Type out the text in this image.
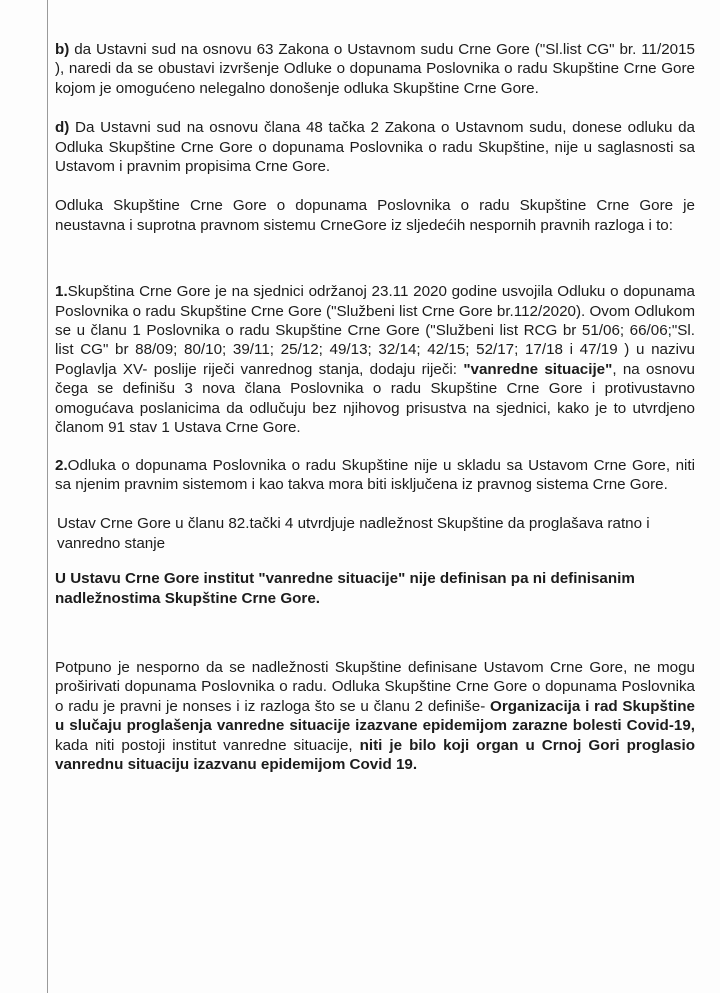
b) da Ustavni sud na osnovu 63 Zakona o Ustavnom sudu Crne Gore ("Sl.list CG" br. 11/2015 ), naredi da se obustavi izvršenje Odluke o dopunama Poslovnika o radu Skupštine Crne Gore kojom je omogućeno nelegalno donošenje odluka Skupštine Crne Gore.

d) Da Ustavni sud na osnovu člana 48 tačka 2 Zakona o Ustavnom sudu, donese odluku da Odluka Skupštine Crne Gore o dopunama Poslovnika o radu Skupštine, nije u saglasnosti sa Ustavom i pravnim propisima Crne Gore.

Odluka Skupštine Crne Gore o dopunama Poslovnika o radu Skupštine Crne Gore je neustavna i suprotna pravnom sistemu CrneGore iz sljedećih nespornih pravnih razloga i to:

1.Skupština Crne Gore je na sjednici održanoj 23.11 2020 godine usvojila Odluku o dopunama Poslovnika o radu Skupštine Crne Gore ("Službeni list Crne Gore br.112/2020). Ovom Odlukom se u članu 1 Poslovnika o radu Skupštine Crne Gore ("Službeni list RCG br 51/06; 66/06;"Sl. list CG" br 88/09; 80/10; 39/11; 25/12; 49/13; 32/14; 42/15; 52/17; 17/18 i 47/19 ) u nazivu Poglavlja XV- poslije riječi vanrednog stanja, dodaju riječi: "vanredne situacije", na osnovu čega se definišu 3 nova člana Poslovnika o radu Skupštine Crne Gore i protivustavno omogućava poslanicima da odlučuju bez njihovog prisustva na sjednici, kako je to utvrdjeno članom 91 stav 1 Ustava Crne Gore.

2.Odluka o dopunama Poslovnika o radu Skupštine nije u skladu sa Ustavom Crne Gore, niti sa njenim pravnim sistemom i kao takva mora biti isključena iz pravnog sistema Crne Gore.

Ustav Crne Gore u članu 82.tački 4 utvrdjuje nadležnost Skupštine da proglašava ratno i vanredno stanje

U Ustavu Crne Gore institut "vanredne situacije" nije definisan pa ni definisanim nadležnostima Skupštine Crne Gore.

Potpuno je nesporno da se nadležnosti Skupštine definisane Ustavom Crne Gore, ne mogu proširivati dopunama Poslovnika o radu. Odluka Skupštine Crne Gore o dopunama Poslovnika o radu je pravni je nonses i iz razloga što se u članu 2 definiše- Organizacija i rad Skupštine u slučaju proglašenja vanredne situacije izazvane epidemijom zarazne bolesti Covid-19, kada niti postoji institut vanredne situacije, niti je bilo koji organ u Crnoj Gori proglasio vanrednu situaciju izazvanu epidemijom Covid 19.
